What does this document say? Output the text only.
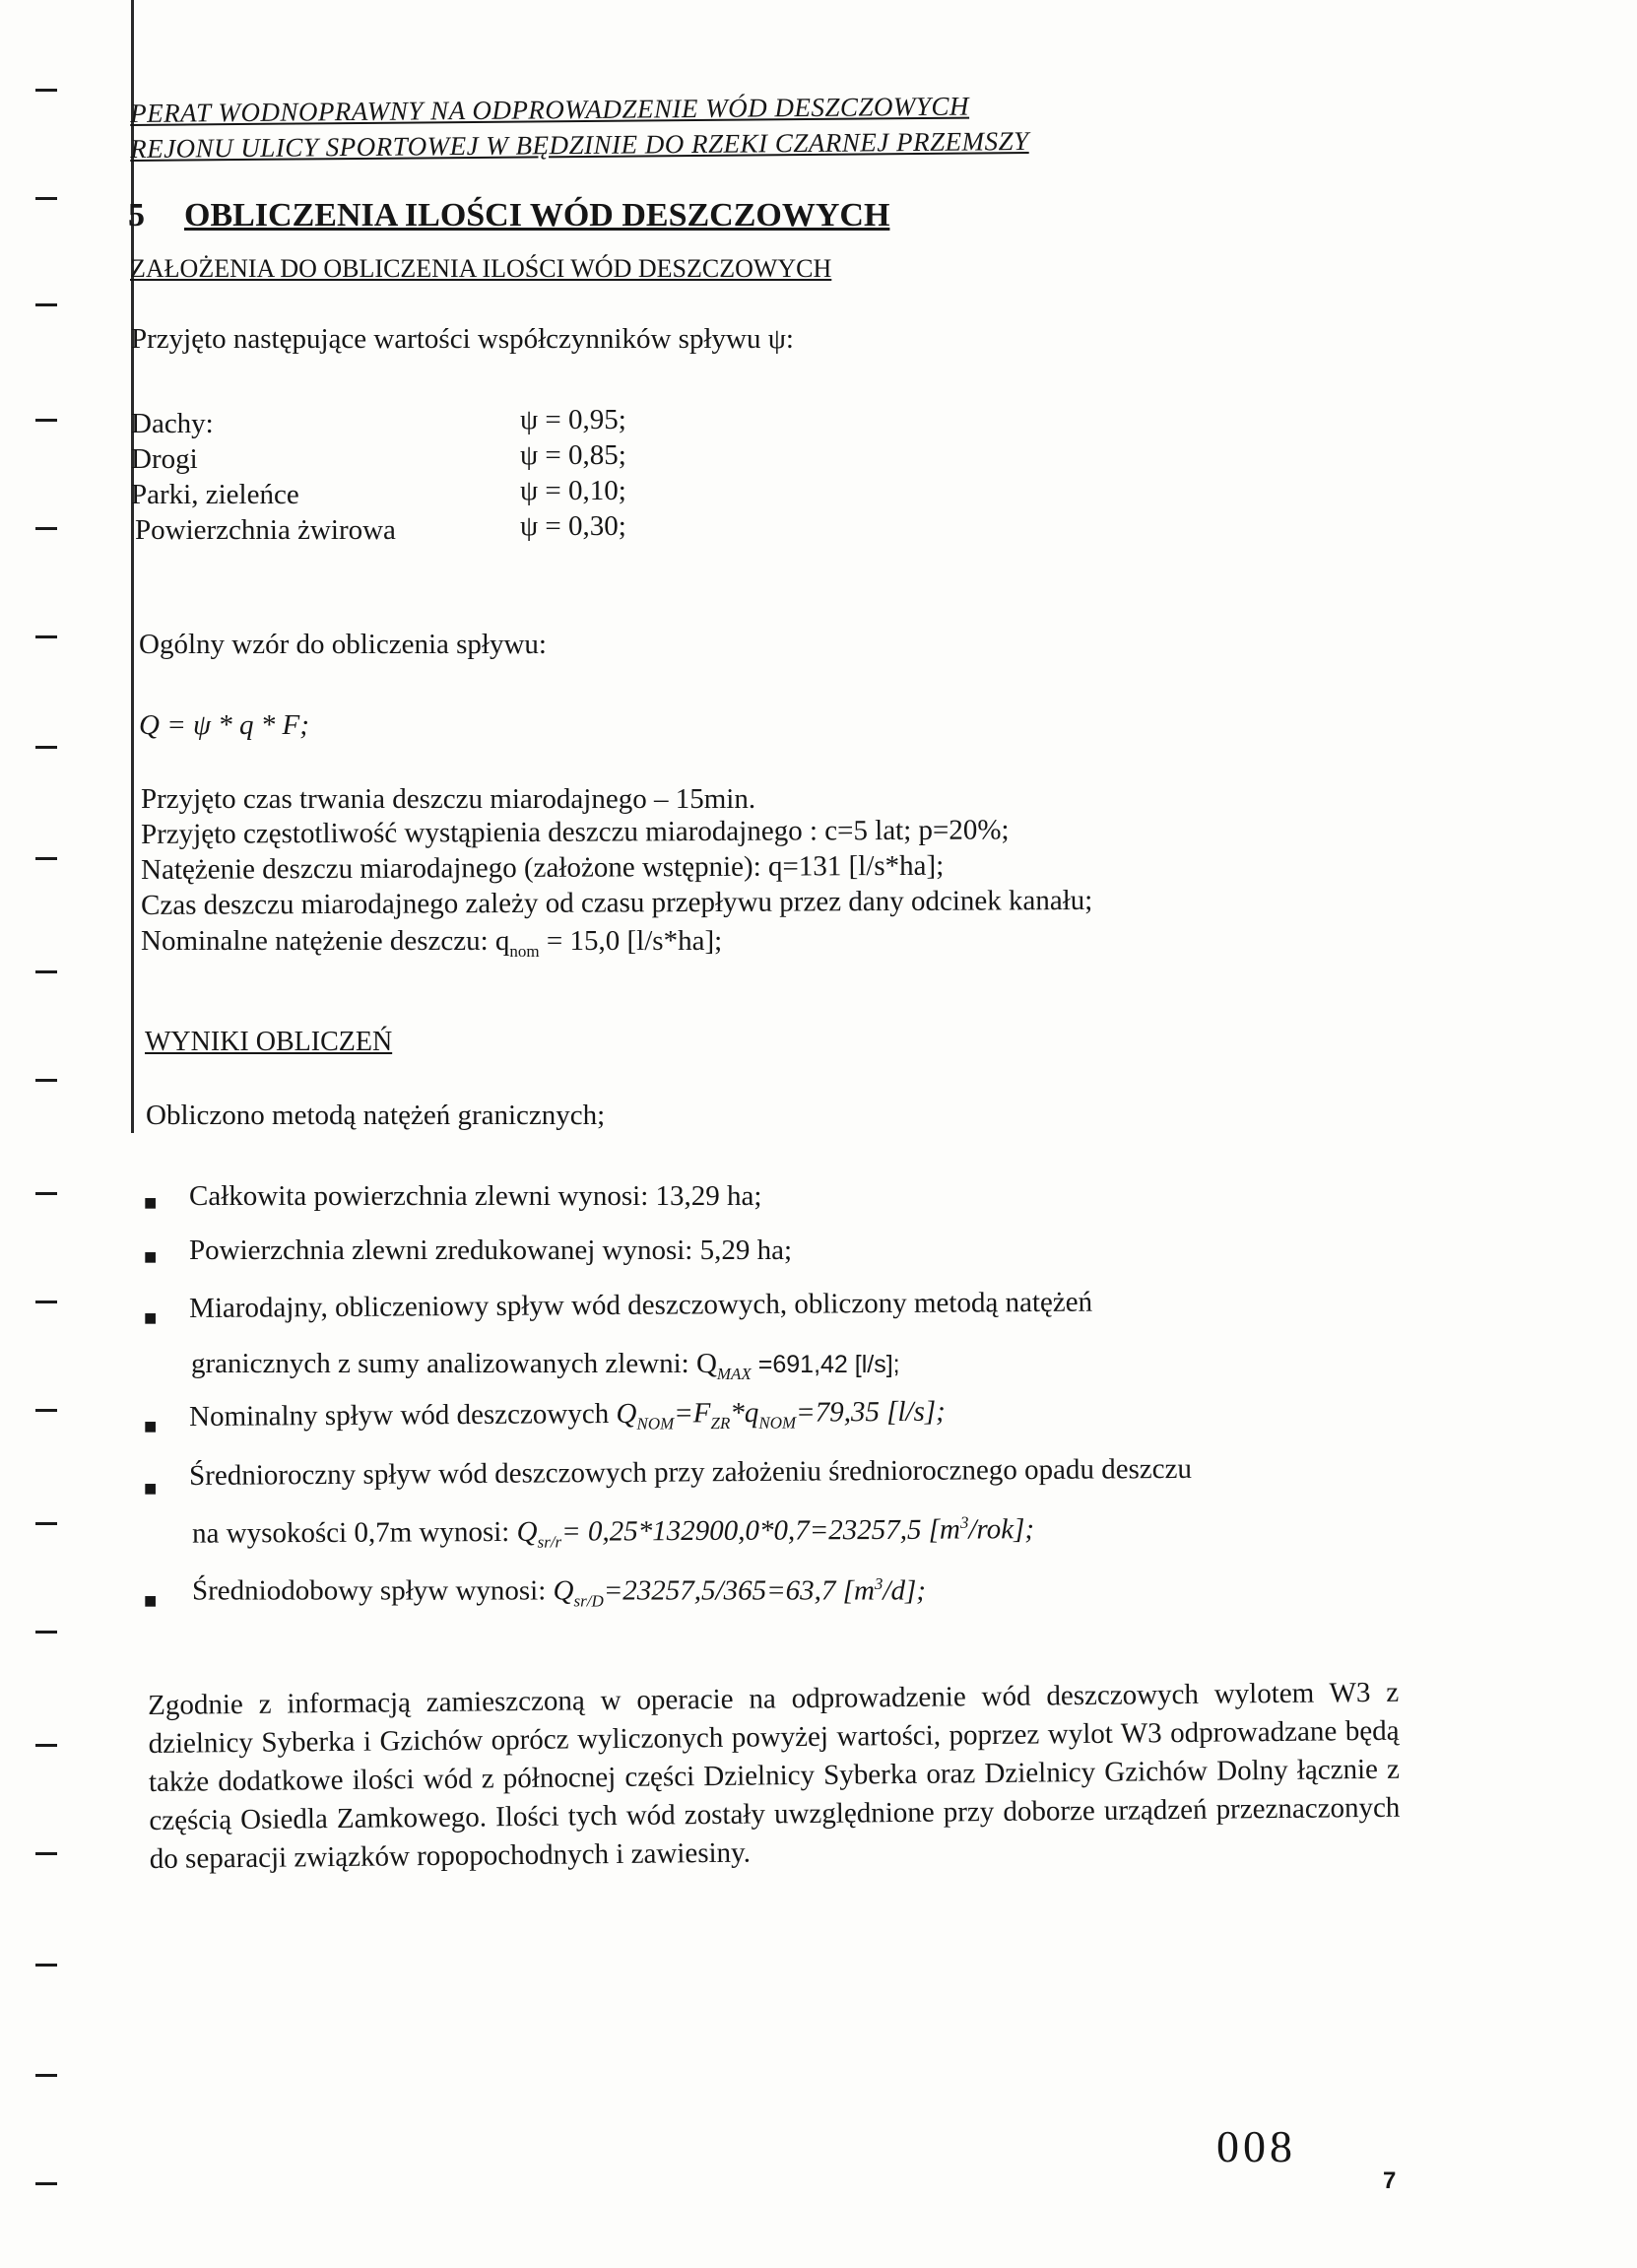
PERAT WODNOPRAWNY NA ODPROWADZENIE WÓD DESZCZOWYCH
REJONU ULICY SPORTOWEJ W BĘDZINIE DO RZEKI CZARNEJ PRZEMSZY
5 OBLICZENIA ILOŚCI WÓD DESZCZOWYCH
ZAŁOŻENIA DO OBLICZENIA ILOŚCI WÓD DESZCZOWYCH
Przyjęto następujące wartości współczynników spływu ψ:
Dachy:	ψ = 0,95;
Drogi	ψ = 0,85;
Parki, zieleńce	ψ = 0,10;
Powierzchnia żwirowa	ψ = 0,30;
Ogólny wzór do obliczenia spływu:
Q = ψ * q * F;
Przyjęto czas trwania deszczu miarodajnego – 15min.
Przyjęto częstotliwość wystąpienia deszczu miarodajnego : c=5 lat; p=20%;
Natężenie deszczu miarodajnego (założone wstępnie): q=131 [l/s*ha];
Czas deszczu miarodajnego zależy od czasu przepływu przez dany odcinek kanału;
Nominalne natężenie deszczu: $q_{nom} = 15,0$ [l/s*ha];
WYNIKI OBLICZEŃ
Obliczono metodą natężeń granicznych;
■ Całkowita powierzchnia zlewni wynosi: 13,29 ha;
■ Powierzchnia zlewni zredukowanej wynosi: 5,29 ha;
■ Miarodajny, obliczeniowy spływ wód deszczowych, obliczony metodą natężeń
granicznych z sumy analizowanych zlewni: $Q_{MAX} =691,42$ [l/s];
■ Nominalny spływ wód deszczowych $Q_{NOM}=F_{ZR}*q_{NOM}=79,35$ [l/s];
■ Średnioroczny spływ wód deszczowych przy założeniu średniorocznego opadu deszczu
na wysokości 0,7m wynosi: $Q_{sr/r}= 0,25*132900,0*0,7=23257,5$ $[m^3/rok]$;
■ Średniodobowy spływ wynosi: $Q_{sr/D}=23257,5/365=63,7$ $[m^3/d]$;
Zgodnie z informacją zamieszczoną w operacie na odprowadzenie wód deszczowych wylotem W3 z dzielnicy Syberka i Gzichów oprócz wyliczonych powyżej wartości, poprzez wylot W3 odprowadzane będą także dodatkowe ilości wód z północnej części Dzielnicy Syberka oraz Dzielnicy Gzichów Dolny łącznie z częścią Osiedla Zamkowego. Ilości tych wód zostały uwzględnione przy doborze urządzeń przeznaczonych do separacji związków ropopochodnych i zawiesiny.
008
7
